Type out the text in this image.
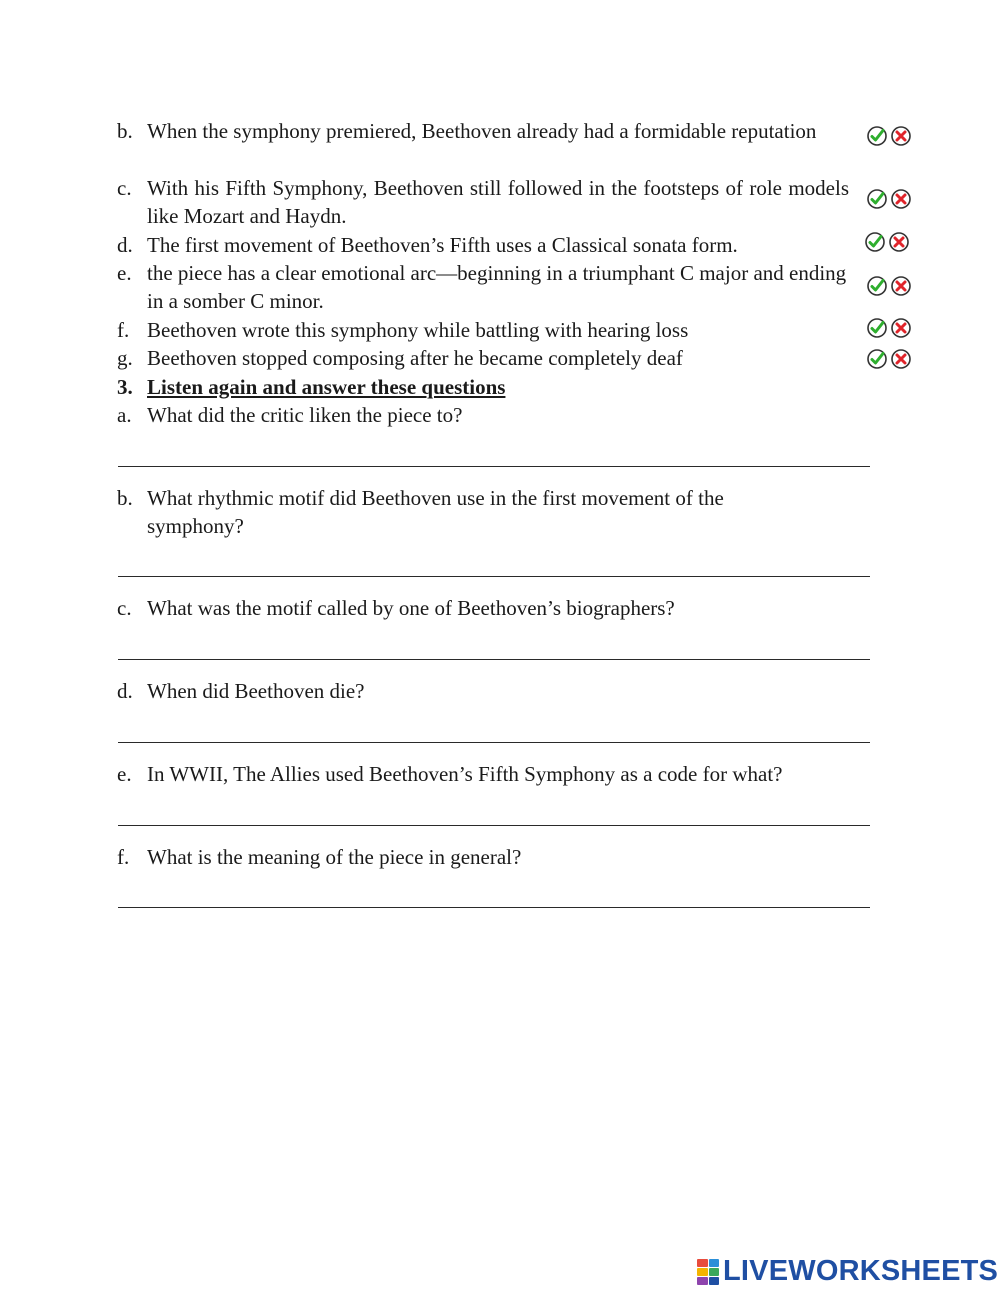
b. When the symphony premiered, Beethoven already had a formidable reputation
c. With his Fifth Symphony, Beethoven still followed in the footsteps of role models like Mozart and Haydn.
d. The first movement of Beethoven’s Fifth uses a Classical sonata form.
e. the piece has a clear emotional arc—beginning in a triumphant C major and ending in a somber C minor.
f. Beethoven wrote this symphony while battling with hearing loss
g. Beethoven stopped composing after he became completely deaf
3. Listen again and answer these questions
a. What did the critic liken the piece to?
b. What rhythmic motif did Beethoven use in the first movement of the symphony?
c. What was the motif called by one of Beethoven’s biographers?
d. When did Beethoven die?
e. In WWII, The Allies used Beethoven’s Fifth Symphony as a code for what?
f. What is the meaning of the piece in general?
LIVEWORKSHEETS
